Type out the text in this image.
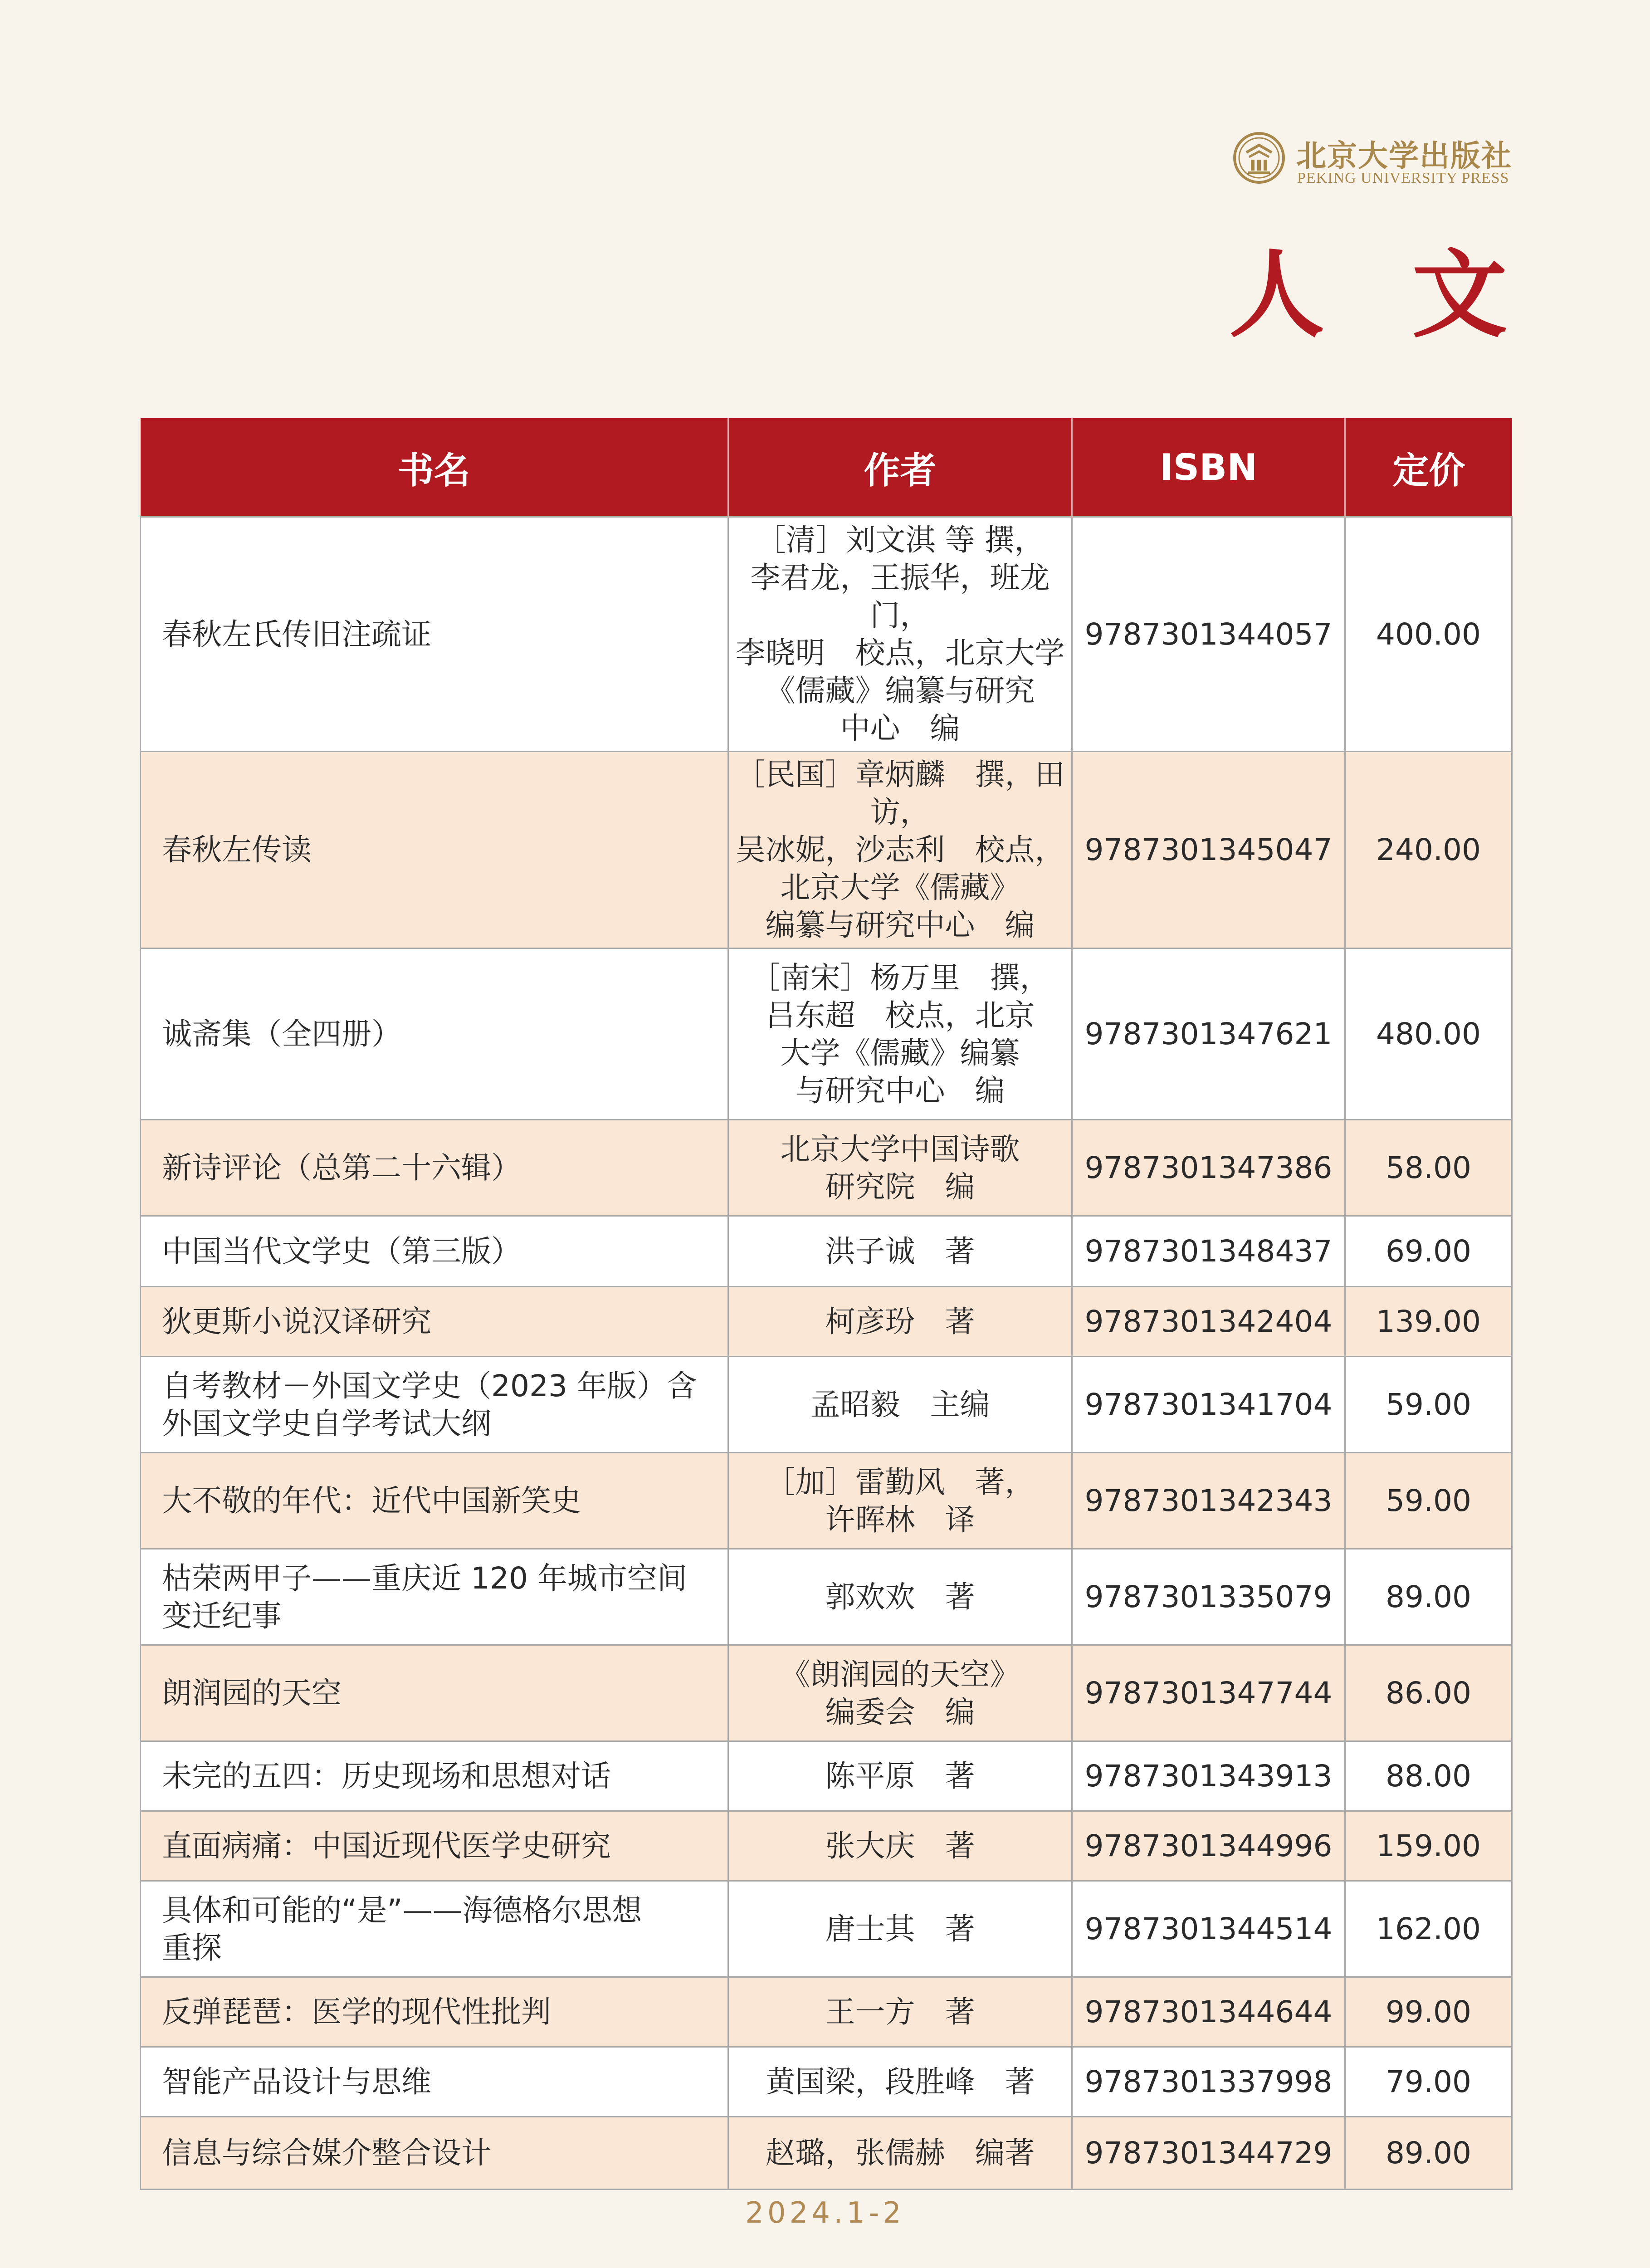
北京大学出版社
PEKING UNIVERSITY PRESS
人 文
书名	作者	ISBN	定价
春秋左氏传旧注疏证	［清］刘文淇 等 撰，
李君龙，王振华，班龙门，
李晓明　校点，北京大学
《儒藏》编纂与研究
中心　编	9787301344057	400.00
春秋左传读	［民国］章炳麟　撰，田访，
吴冰妮，沙志利　校点，
北京大学《儒藏》
编纂与研究中心　编	9787301345047	240.00
诚斋集（全四册）	［南宋］杨万里　撰，
吕东超　校点，北京
大学《儒藏》编纂
与研究中心　编	9787301347621	480.00
新诗评论（总第二十六辑）	北京大学中国诗歌
研究院　编	9787301347386	58.00
中国当代文学史（第三版）	洪子诚　著	9787301348437	69.00
狄更斯小说汉译研究	柯彦玢　著	9787301342404	139.00
自考教材－外国文学史（2023 年版）含
外国文学史自学考试大纲	孟昭毅　主编	9787301341704	59.00
大不敬的年代：近代中国新笑史	［加］雷勤风　著，
许晖林　译	9787301342343	59.00
枯荣两甲子——重庆近 120 年城市空间
变迁纪事	郭欢欢　著	9787301335079	89.00
朗润园的天空	《朗润园的天空》
编委会　编	9787301347744	86.00
未完的五四：历史现场和思想对话	陈平原　著	9787301343913	88.00
直面病痛：中国近现代医学史研究	张大庆　著	9787301344996	159.00
具体和可能的“是”——海德格尔思想
重探	唐士其　著	9787301344514	162.00
反弹琵琶：医学的现代性批判	王一方　著	9787301344644	99.00
智能产品设计与思维	黄国梁，段胜峰　著	9787301337998	79.00
信息与综合媒介整合设计	赵璐，张儒赫　编著	9787301344729	89.00
2024.1-2
